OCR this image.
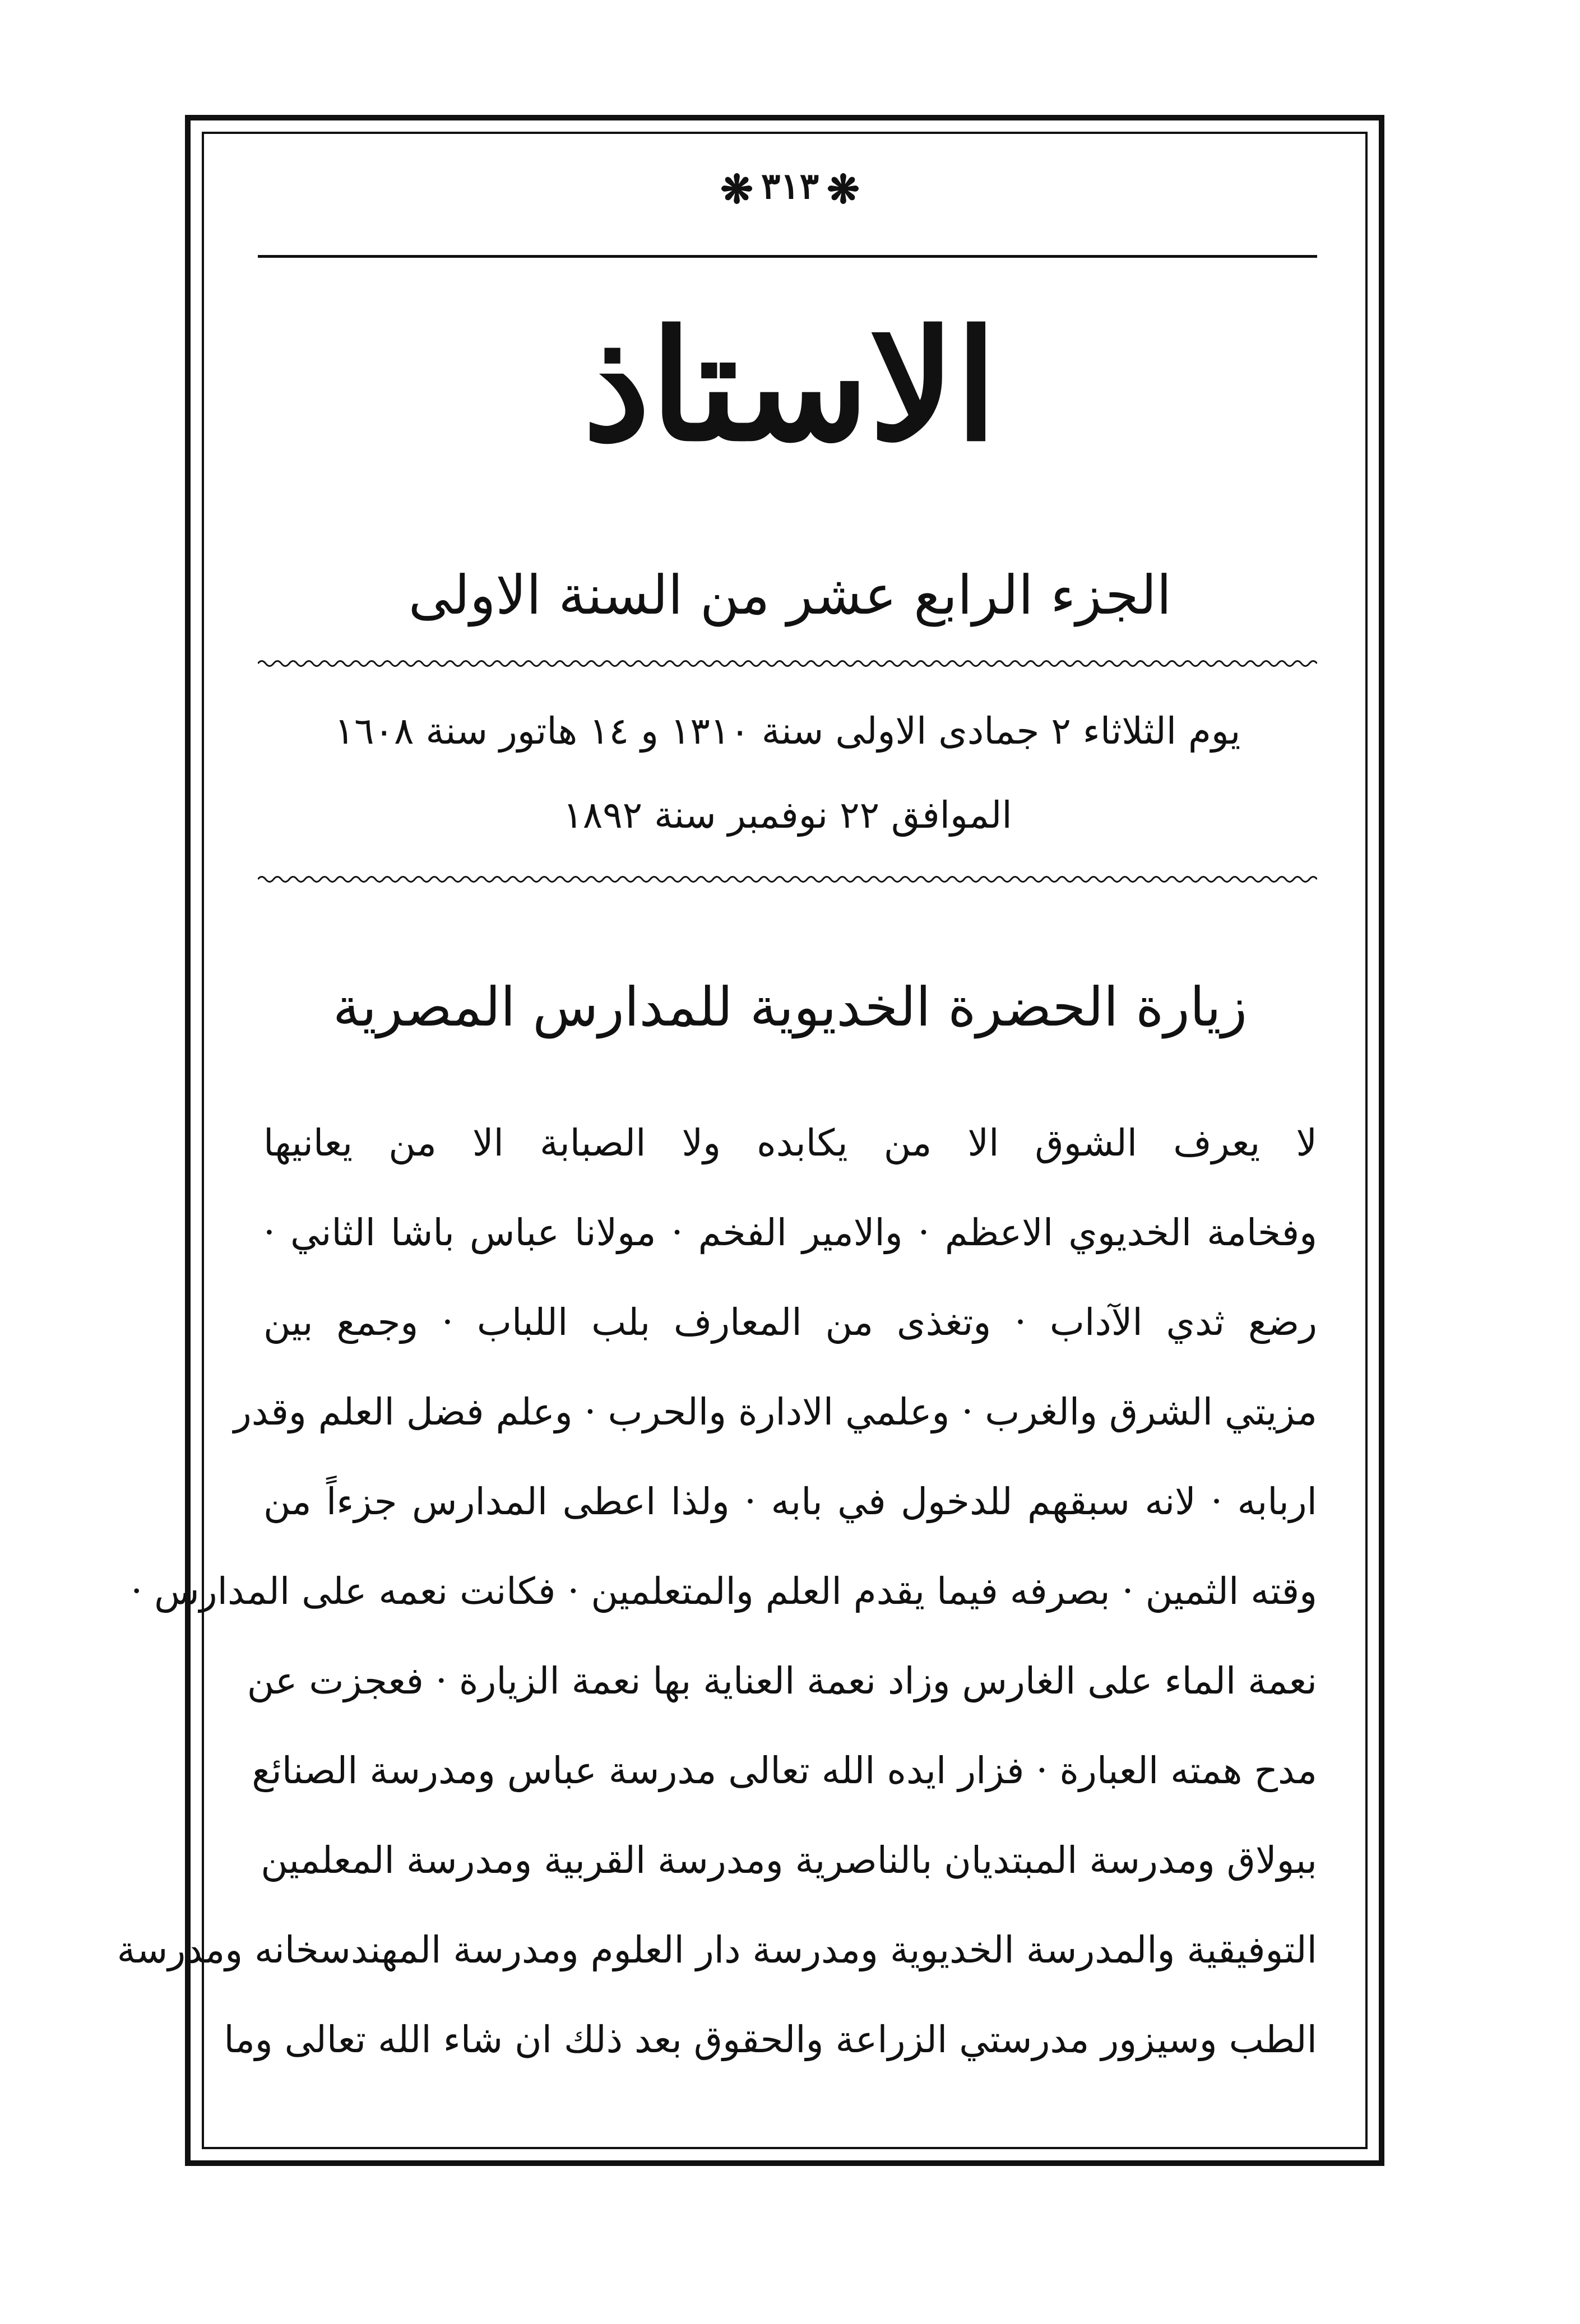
❋٣١٣❋
الاستاذ
الجزء الرابع عشر من السنة الاولى
يوم الثلاثاء ٢ جمادى الاولى سنة ١٣١٠ و ١٤ هاتور سنة ١٦٠٨
الموافق ٢٢ نوفمبر سنة ١٨٩٢
زيارة الحضرة الخديوية للمدارس المصرية
لا يعرف الشوق الا من يكابده ولا الصبابة الا من يعانيها
وفخامة الخديوي الاعظم · والامير الفخم · مولانا عباس باشا الثاني ·
رضع ثدي الآداب · وتغذى من المعارف بلب اللباب · وجمع بين
مزيتي الشرق والغرب · وعلمي الادارة والحرب · وعلم فضل العلم وقدر
اربابه · لانه سبقهم للدخول في بابه · ولذا اعطى المدارس جزءاً من
وقته الثمين · بصرفه فيما يقدم العلم والمتعلمين · فكانت نعمه على المدارس ·
نعمة الماء على الغارس وزاد نعمة العناية بها نعمة الزيارة · فعجزت عن
مدح همته العبارة · فزار ايده الله تعالى مدرسة عباس ومدرسة الصنائع
ببولاق ومدرسة المبتديان بالناصرية ومدرسة القربية ومدرسة المعلمين
التوفيقية والمدرسة الخديوية ومدرسة دار العلوم ومدرسة المهندسخانه ومدرسة
الطب وسيزور مدرستي الزراعة والحقوق بعد ذلك ان شاء الله تعالى وما
